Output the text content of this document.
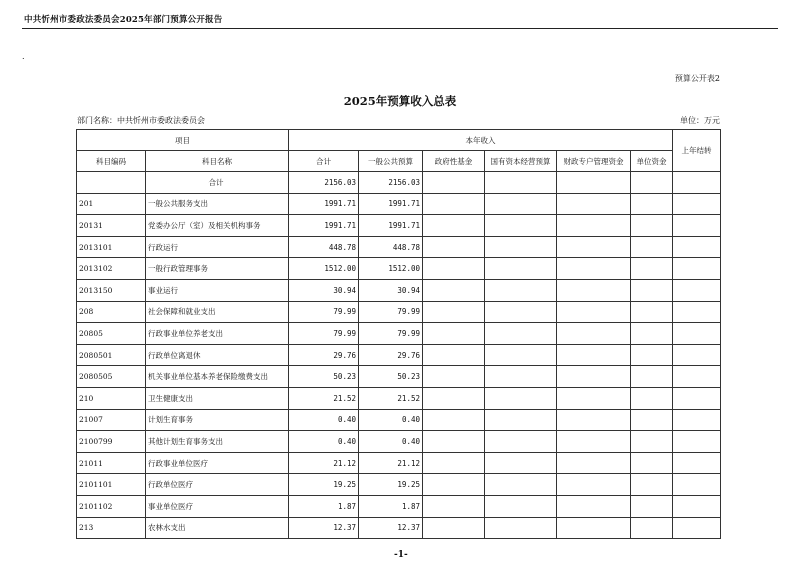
中共忻州市委政法委员会2025年部门预算公开报告
.
预算公开表2
2025年预算收入总表
部门名称：中共忻州市委政法委员会	单位：万元
项目		本年收入						上年结转
科目编码	科目名称	合计	一般公共预算	政府性基金	国有资本经营预算	财政专户管理资金	单位资金	
	合计	2156.03	2156.03					
201	一般公共服务支出	1991.71	1991.71					
20131	党委办公厅（室）及相关机构事务	1991.71	1991.71					
2013101	行政运行	448.78	448.78					
2013102	一般行政管理事务	1512.00	1512.00					
2013150	事业运行	30.94	30.94					
208	社会保障和就业支出	79.99	79.99					
20805	行政事业单位养老支出	79.99	79.99					
2080501	行政单位离退休	29.76	29.76					
2080505	机关事业单位基本养老保险缴费支出	50.23	50.23					
210	卫生健康支出	21.52	21.52					
21007	计划生育事务	0.40	0.40					
2100799	其他计划生育事务支出	0.40	0.40					
21011	行政事业单位医疗	21.12	21.12					
2101101	行政单位医疗	19.25	19.25					
2101102	事业单位医疗	1.87	1.87					
213	农林水支出	12.37	12.37					
-1-
